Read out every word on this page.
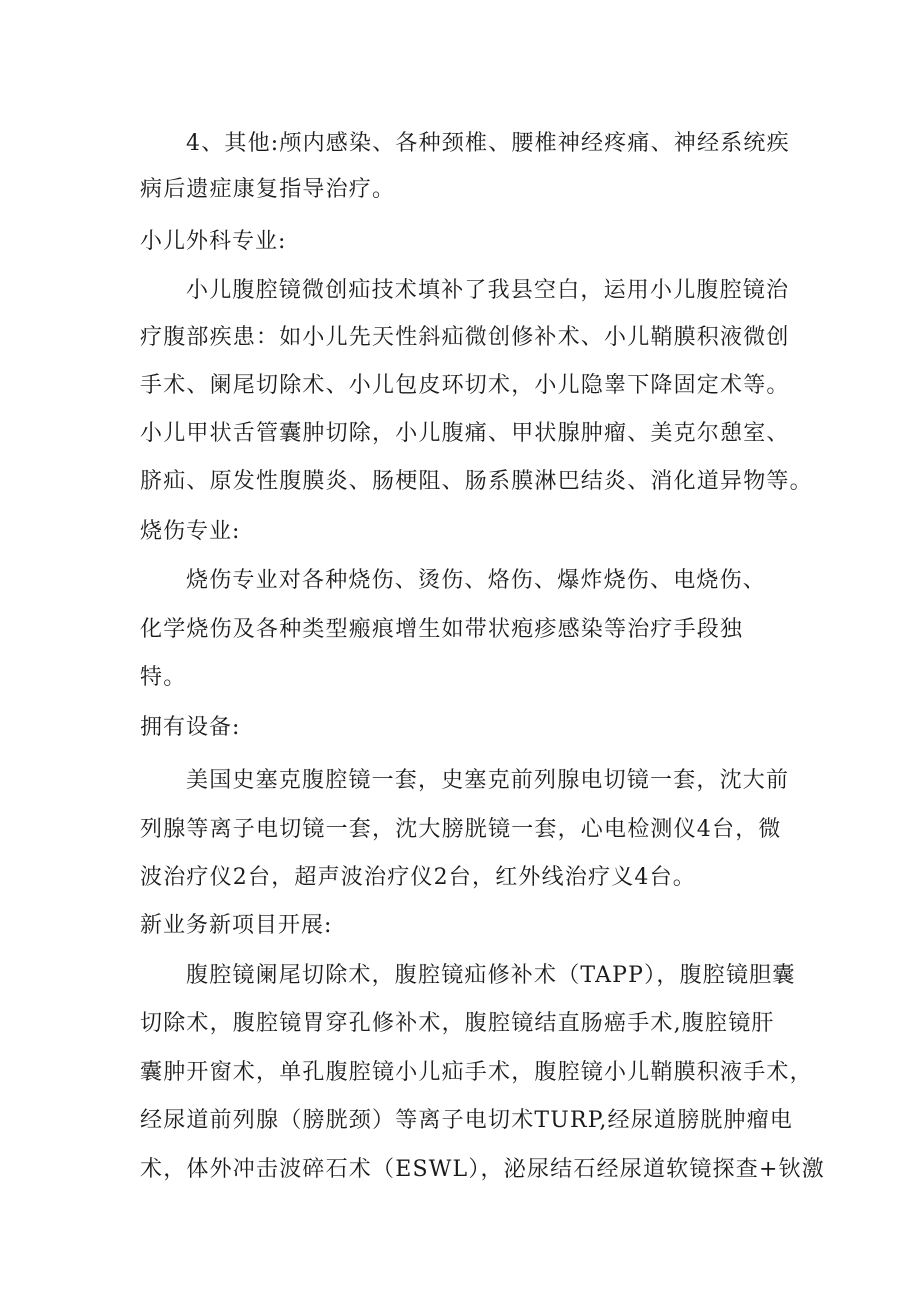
4、其他:颅内感染、各种颈椎、腰椎神经疼痛、神经系统疾

病后遗症康复指导治疗。

小儿外科专业:

小儿腹腔镜微创疝技术填补了我县空白，运用小儿腹腔镜治

疗腹部疾患：如小儿先天性斜疝微创修补术、小儿鞘膜积液微创

手术、阑尾切除术、小儿包皮环切术，小儿隐睾下降固定术等。

小儿甲状舌管囊肿切除，小儿腹痛、甲状腺肿瘤、美克尔憩室、

脐疝、原发性腹膜炎、肠梗阻、肠系膜淋巴结炎、消化道异物等。

烧伤专业:

烧伤专业对各种烧伤、烫伤、烙伤、爆炸烧伤、电烧伤、

化学烧伤及各种类型瘢痕增生如带状疱疹感染等治疗手段独

特。

拥有设备:

美国史塞克腹腔镜一套，史塞克前列腺电切镜一套，沈大前

列腺等离子电切镜一套，沈大膀胱镜一套，心电检测仪4台，微

波治疗仪2台，超声波治疗仪2台，红外线治疗义4台。

新业务新项目开展:

腹腔镜阑尾切除术，腹腔镜疝修补术（TAPP），腹腔镜胆囊

切除术，腹腔镜胃穿孔修补术，腹腔镜结直肠癌手术,腹腔镜肝

囊肿开窗术，单孔腹腔镜小儿疝手术，腹腔镜小儿鞘膜积液手术，

经尿道前列腺（膀胱颈）等离子电切术TURP,经尿道膀胱肿瘤电

术，体外冲击波碎石术（ESWL），泌尿结石经尿道软镜探查+钬激
